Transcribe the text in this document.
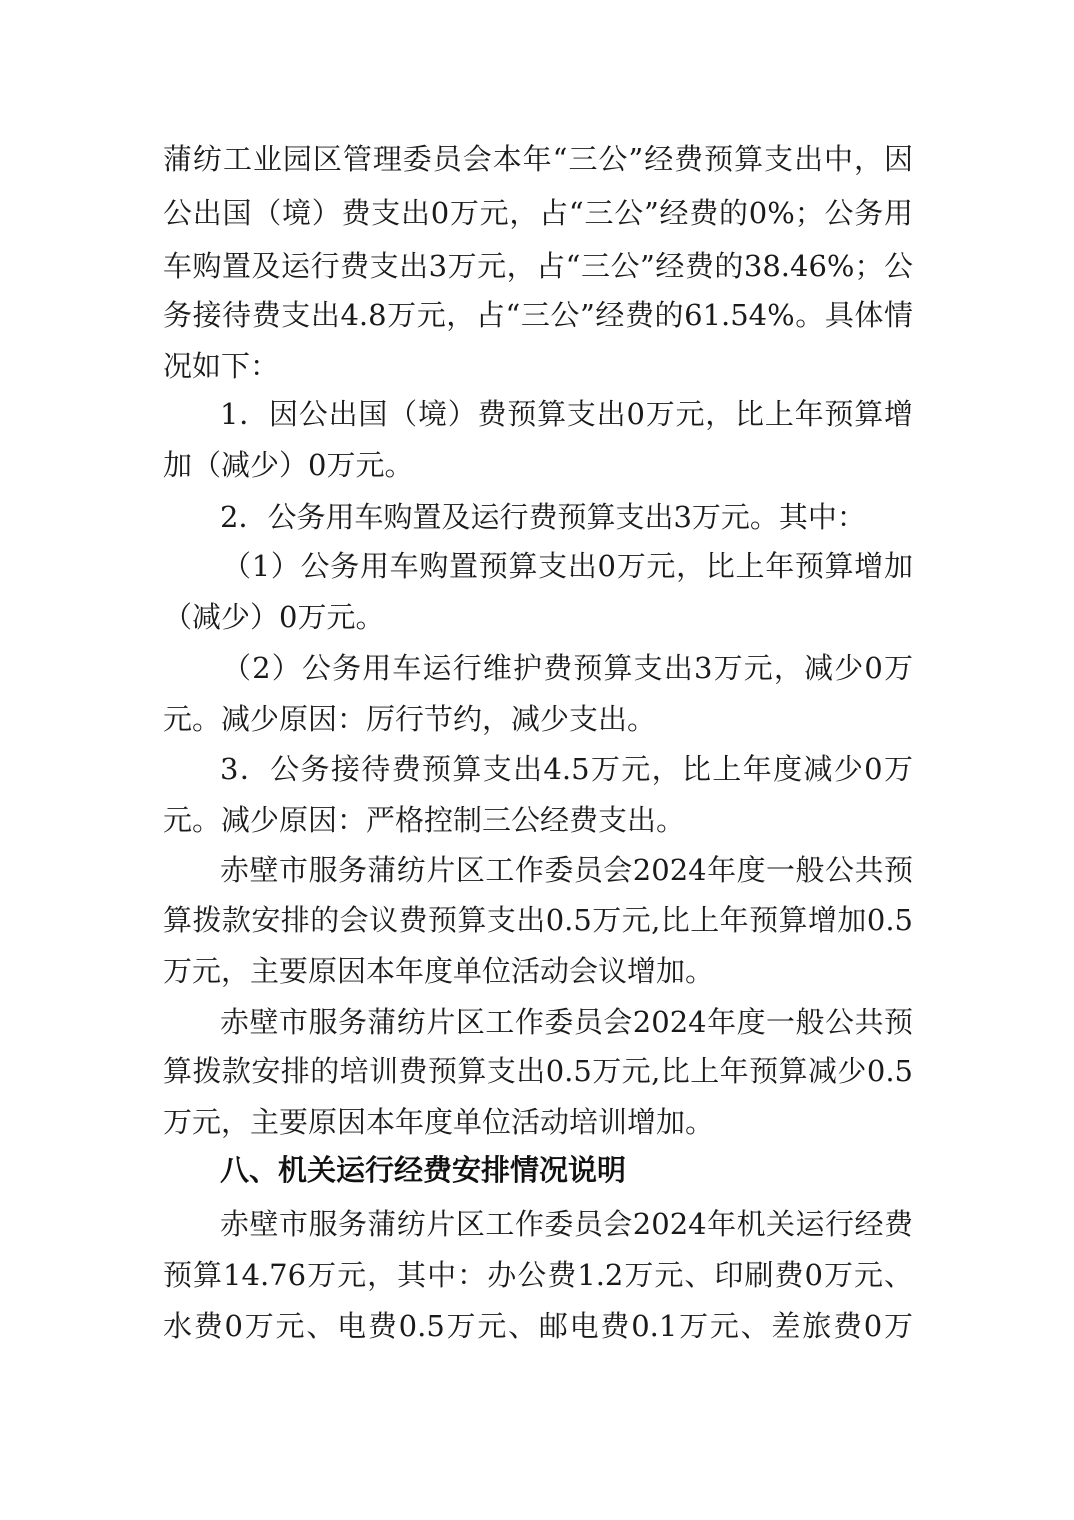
蒲纺工业园区管理委员会本年“三公”经费预算支出中，因
公出国（境）费支出0万元，占“三公”经费的0%；公务用
车购置及运行费支出3万元，占“三公”经费的38.46%；公
务接待费支出4.8万元，占“三公”经费的61.54%。具体情
况如下：
1．因公出国（境）费预算支出0万元，比上年预算增
加（减少）0万元。
2．公务用车购置及运行费预算支出3万元。其中：
（1）公务用车购置预算支出0万元，比上年预算增加
（减少）0万元。
（2）公务用车运行维护费预算支出3万元，减少0万
元。减少原因：厉行节约，减少支出。
3．公务接待费预算支出4.5万元，比上年度减少0万
元。减少原因：严格控制三公经费支出。
赤壁市服务蒲纺片区工作委员会2024年度一般公共预
算拨款安排的会议费预算支出0.5万元,比上年预算增加0.5
万元，主要原因本年度单位活动会议增加。
赤壁市服务蒲纺片区工作委员会2024年度一般公共预
算拨款安排的培训费预算支出0.5万元,比上年预算减少0.5
万元，主要原因本年度单位活动培训增加。
八、机关运行经费安排情况说明
赤壁市服务蒲纺片区工作委员会2024年机关运行经费
预算14.76万元，其中：办公费1.2万元、印刷费0万元、
水费0万元、电费0.5万元、邮电费0.1万元、差旅费0万
